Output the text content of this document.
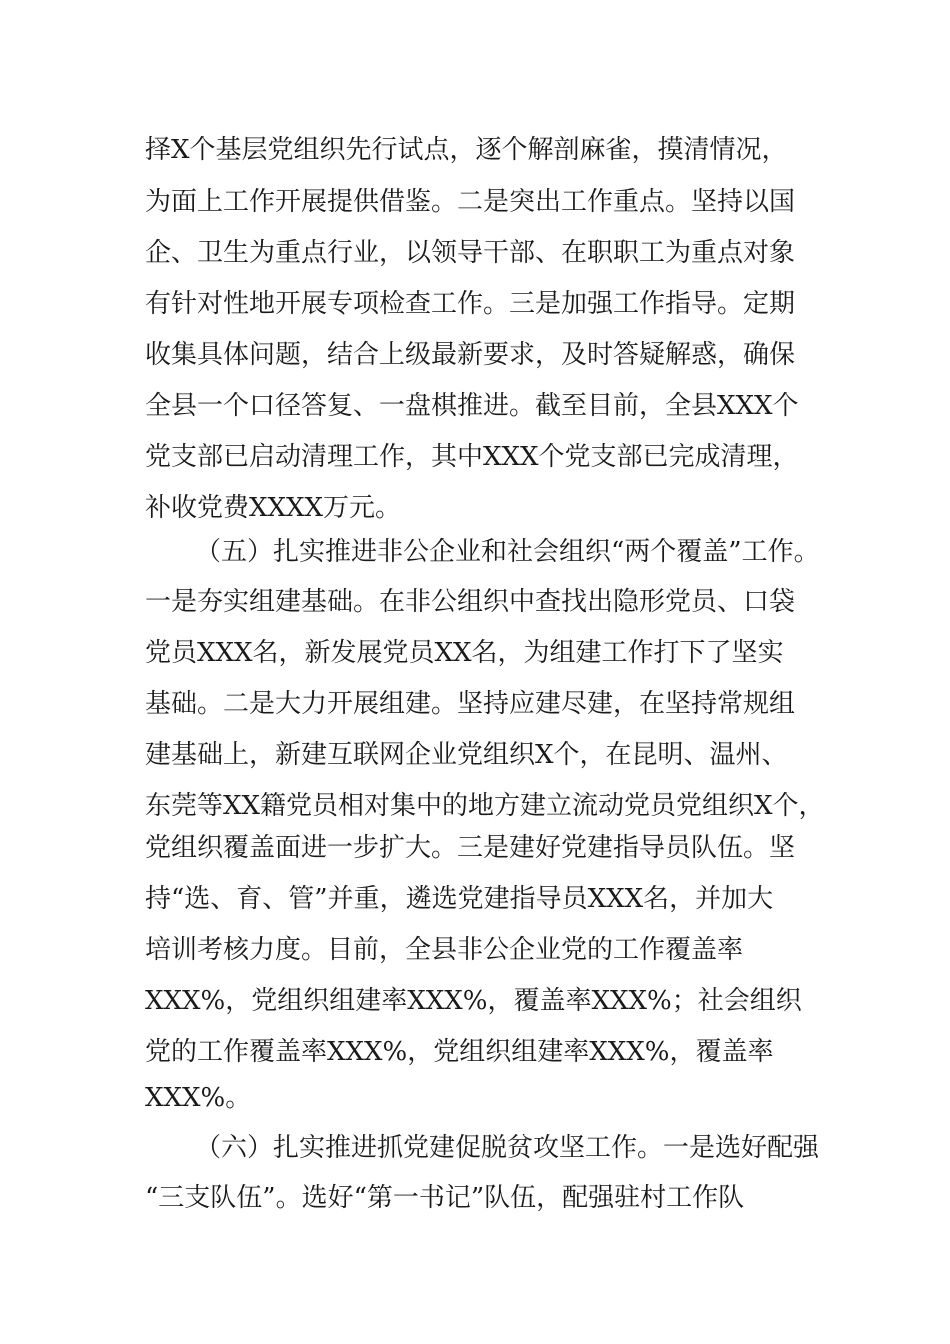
择X个基层党组织先行试点，逐个解剖麻雀，摸清情况，
为面上工作开展提供借鉴。二是突出工作重点。坚持以国
企、卫生为重点行业，以领导干部、在职职工为重点对象
有针对性地开展专项检查工作。三是加强工作指导。定期
收集具体问题，结合上级最新要求，及时答疑解惑，确保
全县一个口径答复、一盘棋推进。截至目前，全县XXX个
党支部已启动清理工作，其中XXX个党支部已完成清理，
补收党费XXXX万元。
（五）扎实推进非公企业和社会组织“两个覆盖”工作。
一是夯实组建基础。在非公组织中查找出隐形党员、口袋
党员XXX名，新发展党员XX名，为组建工作打下了坚实
基础。二是大力开展组建。坚持应建尽建，在坚持常规组
建基础上，新建互联网企业党组织X个，在昆明、温州、
东莞等XX籍党员相对集中的地方建立流动党员党组织X个，
党组织覆盖面进一步扩大。三是建好党建指导员队伍。坚
持“选、育、管”并重，遴选党建指导员XXX名，并加大
培训考核力度。目前，全县非公企业党的工作覆盖率
XXX%，党组织组建率XXX%，覆盖率XXX%；社会组织
党的工作覆盖率XXX%，党组织组建率XXX%，覆盖率
XXX%。
（六）扎实推进抓党建促脱贫攻坚工作。一是选好配强
“三支队伍”。选好“第一书记”队伍，配强驻村工作队
